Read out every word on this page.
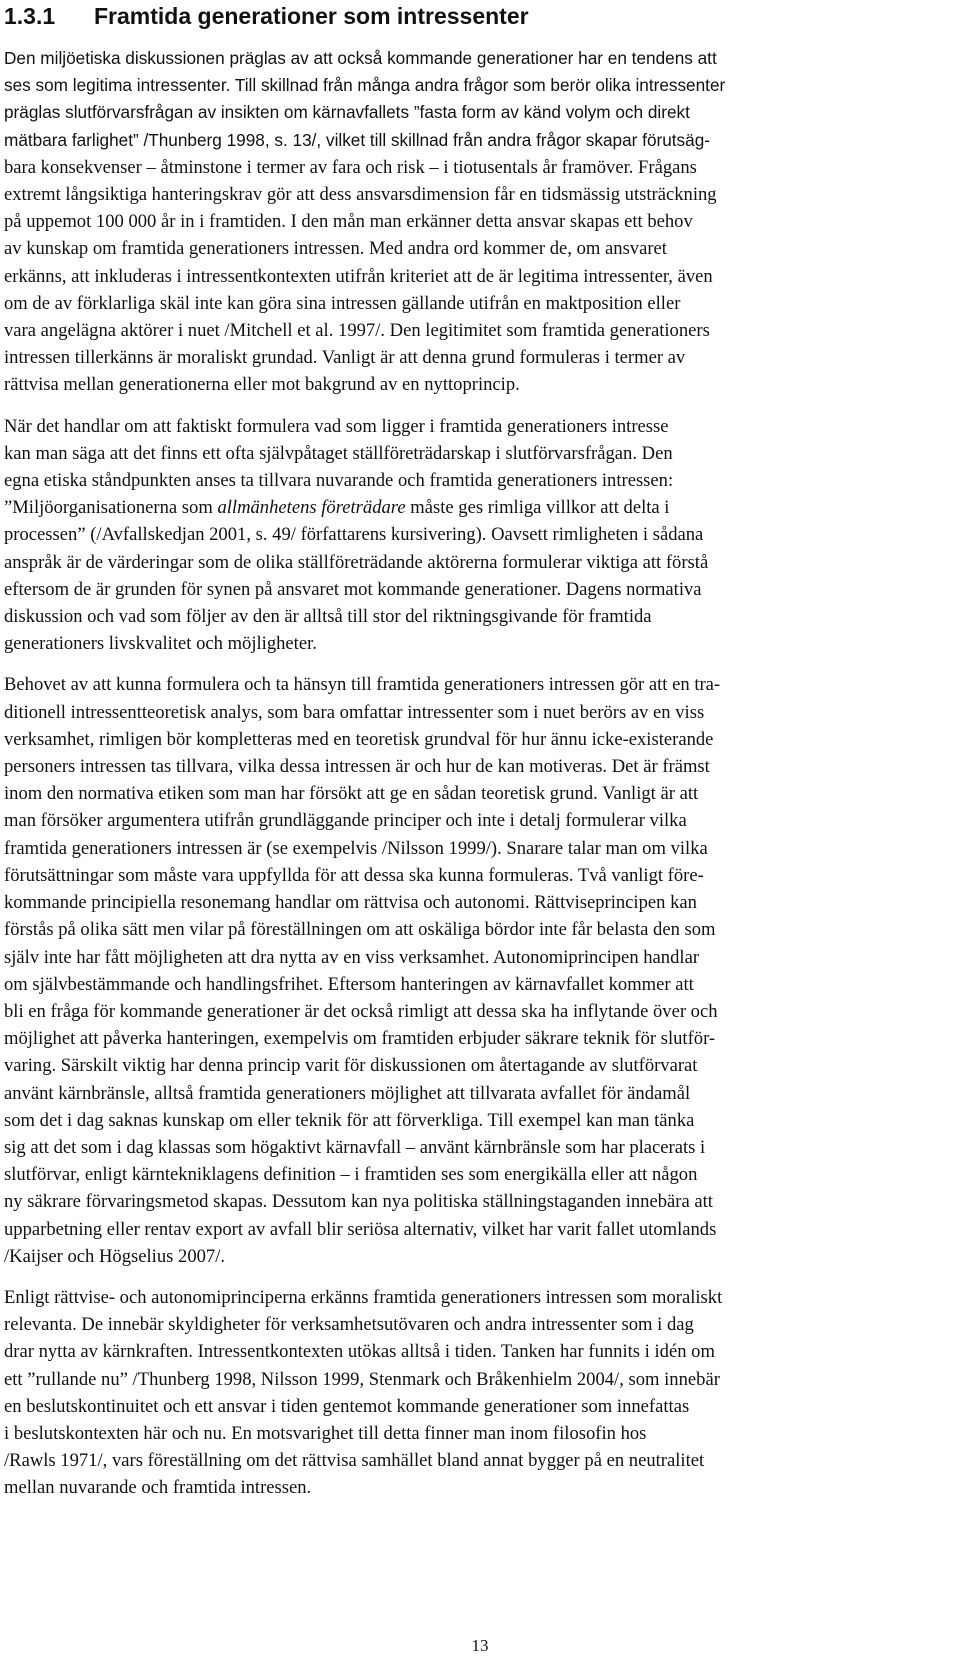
1.3.1 Framtida generationer som intressenter

Den miljöetiska diskussionen präglas av att också kommande generationer har en tendens att
ses som legitima intressenter. Till skillnad från många andra frågor som berör olika intressenter
präglas slutförvarsfrågan av insikten om kärnavfallets ”fasta form av känd volym och direkt
mätbara farlighet” /Thunberg 1998, s. 13/, vilket till skillnad från andra frågor skapar förutsäg-
bara konsekvenser – åtminstone i termer av fara och risk – i tiotusentals år framöver. Frågans
extremt långsiktiga hanteringskrav gör att dess ansvarsdimension får en tidsmässig utsträckning
på uppemot 100 000 år in i framtiden. I den mån man erkänner detta ansvar skapas ett behov
av kunskap om framtida generationers intressen. Med andra ord kommer de, om ansvaret
erkänns, att inkluderas i intressentkontexten utifrån kriteriet att de är legitima intressenter, även
om de av förklarliga skäl inte kan göra sina intressen gällande utifrån en maktposition eller
vara angelägna aktörer i nuet /Mitchell et al. 1997/. Den legitimitet som framtida generationers
intressen tillerkänns är moraliskt grundad. Vanligt är att denna grund formuleras i termer av
rättvisa mellan generationerna eller mot bakgrund av en nyttoprincip.

När det handlar om att faktiskt formulera vad som ligger i framtida generationers intresse
kan man säga att det finns ett ofta självpåtaget ställföreträdarskap i slutförvarsfrågan. Den
egna etiska ståndpunkten anses ta tillvara nuvarande och framtida generationers intressen:
”Miljöorganisationerna som allmänhetens företrädare måste ges rimliga villkor att delta i
processen” (/Avfallskedjan 2001, s. 49/ författarens kursivering). Oavsett rimligheten i sådana
anspråk är de värderingar som de olika ställföreträdande aktörerna formulerar viktiga att förstå
eftersom de är grunden för synen på ansvaret mot kommande generationer. Dagens normativa
diskussion och vad som följer av den är alltså till stor del riktningsgivande för framtida
generationers livskvalitet och möjligheter.

Behovet av att kunna formulera och ta hänsyn till framtida generationers intressen gör att en tra-
ditionell intressentteoretisk analys, som bara omfattar intressenter som i nuet berörs av en viss
verksamhet, rimligen bör kompletteras med en teoretisk grundval för hur ännu icke-existerande
personers intressen tas tillvara, vilka dessa intressen är och hur de kan motiveras. Det är främst
inom den normativa etiken som man har försökt att ge en sådan teoretisk grund. Vanligt är att
man försöker argumentera utifrån grundläggande principer och inte i detalj formulerar vilka
framtida generationers intressen är (se exempelvis /Nilsson 1999/). Snarare talar man om vilka
förutsättningar som måste vara uppfyllda för att dessa ska kunna formuleras. Två vanligt före-
kommande principiella resonemang handlar om rättvisa och autonomi. Rättviseprincipen kan
förstås på olika sätt men vilar på föreställningen om att oskäliga bördor inte får belasta den som
själv inte har fått möjligheten att dra nytta av en viss verksamhet. Autonomiprincipen handlar
om självbestämmande och handlingsfrihet. Eftersom hanteringen av kärnavfallet kommer att
bli en fråga för kommande generationer är det också rimligt att dessa ska ha inflytande över och
möjlighet att påverka hanteringen, exempelvis om framtiden erbjuder säkrare teknik för slutför-
varing. Särskilt viktig har denna princip varit för diskussionen om återtagande av slutförvarat
använt kärnbränsle, alltså framtida generationers möjlighet att tillvarata avfallet för ändamål
som det i dag saknas kunskap om eller teknik för att förverkliga. Till exempel kan man tänka
sig att det som i dag klassas som högaktivt kärnavfall – använt kärnbränsle som har placerats i
slutförvar, enligt kärntekniklagens definition – i framtiden ses som energikälla eller att någon
ny säkrare förvaringsmetod skapas. Dessutom kan nya politiska ställningstaganden innebära att
upparbetning eller rentav export av avfall blir seriösa alternativ, vilket har varit fallet utomlands
/Kaijser och Högselius 2007/.

Enligt rättvise- och autonomiprinciperna erkänns framtida generationers intressen som moraliskt
relevanta. De innebär skyldigheter för verksamhetsutövaren och andra intressenter som i dag
drar nytta av kärnkraften. Intressentkontexten utökas alltså i tiden. Tanken har funnits i idén om
ett ”rullande nu” /Thunberg 1998, Nilsson 1999, Stenmark och Bråkenhielm 2004/, som innebär
en beslutskontinuitet och ett ansvar i tiden gentemot kommande generationer som innefattas
i beslutskontexten här och nu. En motsvarighet till detta finner man inom filosofin hos
/Rawls 1971/, vars föreställning om det rättvisa samhället bland annat bygger på en neutralitet
mellan nuvarande och framtida intressen.

13
